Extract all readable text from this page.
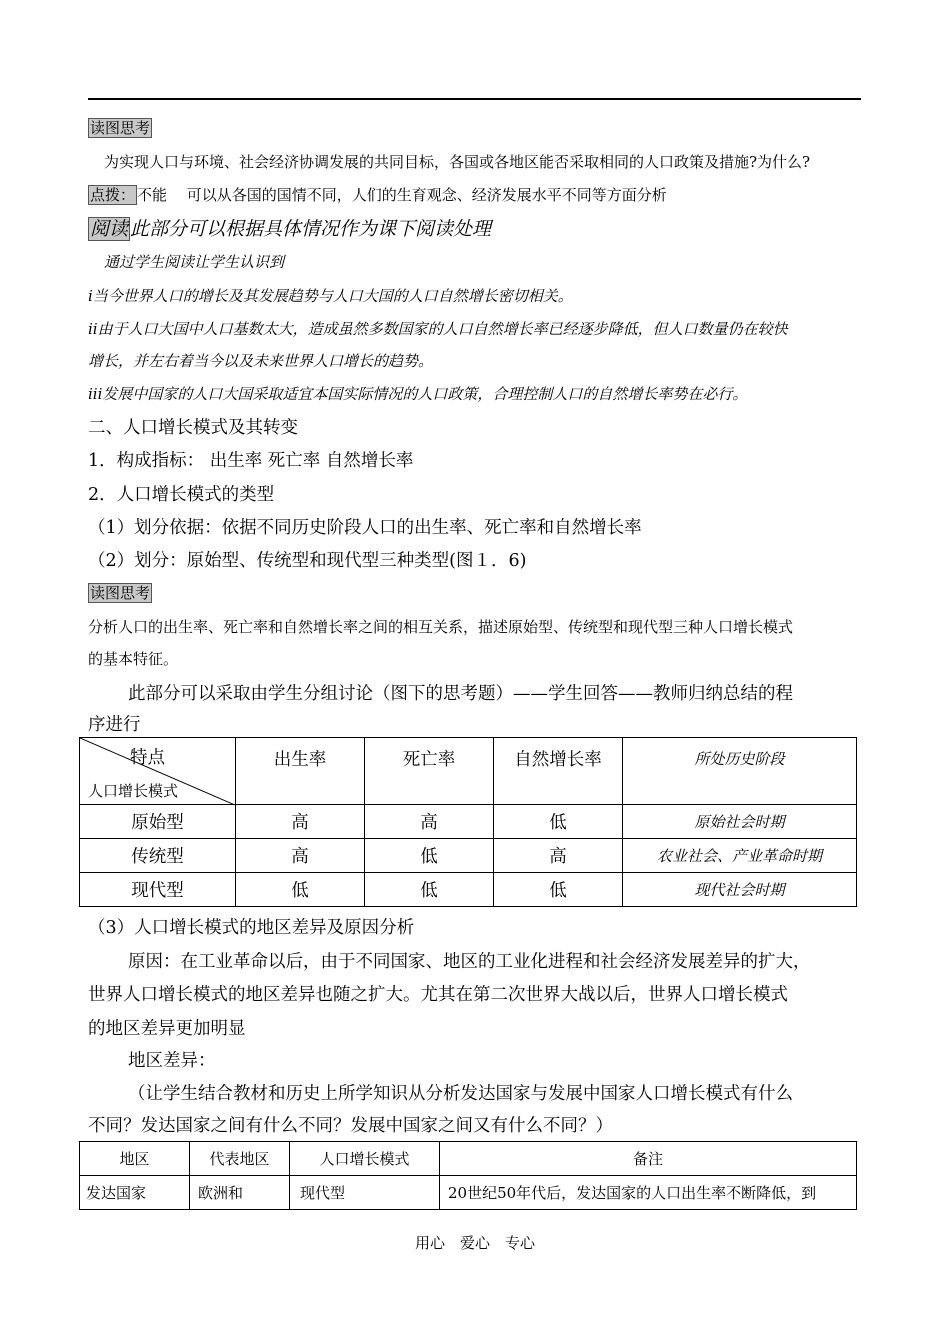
读图思考
为实现人口与环境、社会经济协调发展的共同目标，各国或各地区能否采取相同的人口政策及措施?为什么?
点拨： 不能　 可以从各国的国情不同，人们的生育观念、经济发展水平不同等方面分析
阅读 此部分可以根据具体情况作为课下阅读处理
通过学生阅读让学生认识到
i当今世界人口的增长及其发展趋势与人口大国的人口自然增长密切相关。
ii由于人口大国中人口基数太大，造成虽然多数国家的人口自然增长率已经逐步降低，但人口数量仍在较快
增长，并左右着当今以及未来世界人口增长的趋势。
iii发展中国家的人口大国采取适宜本国实际情况的人口政策，合理控制人口的自然增长率势在必行。
二、人口增长模式及其转变
1．构成指标： 出生率 死亡率 自然增长率
2．人口增长模式的类型
（1）划分依据：依据不同历史阶段人口的出生率、死亡率和自然增长率
（2）划分：原始型、传统型和现代型三种类型(图１．6)
读图思考
分析人口的出生率、死亡率和自然增长率之间的相互关系，描述原始型、传统型和现代型三种人口增长模式
的基本特征。
此部分可以采取由学生分组讨论（图下的思考题）——学生回答——教师归纳总结的程
序进行
特点
人口增长模式	出生率	死亡率	自然增长率	所处历史阶段
原始型	高	高	低	原始社会时期
传统型	高	低	高	农业社会、产业革命时期
现代型	低	低	低	现代社会时期
（3）人口增长模式的地区差异及原因分析
原因：在工业革命以后，由于不同国家、地区的工业化进程和社会经济发展差异的扩大，
世界人口增长模式的地区差异也随之扩大。尤其在第二次世界大战以后，世界人口增长模式
的地区差异更加明显
地区差异：
（让学生结合教材和历史上所学知识从分析发达国家与发展中国家人口增长模式有什么
不同？发达国家之间有什么不同？发展中国家之间又有什么不同？）
地区	代表地区	人口增长模式	备注
发达国家	欧洲和	现代型	20世纪50年代后，发达国家的人口出生率不断降低，到
用心　爱心　专心
